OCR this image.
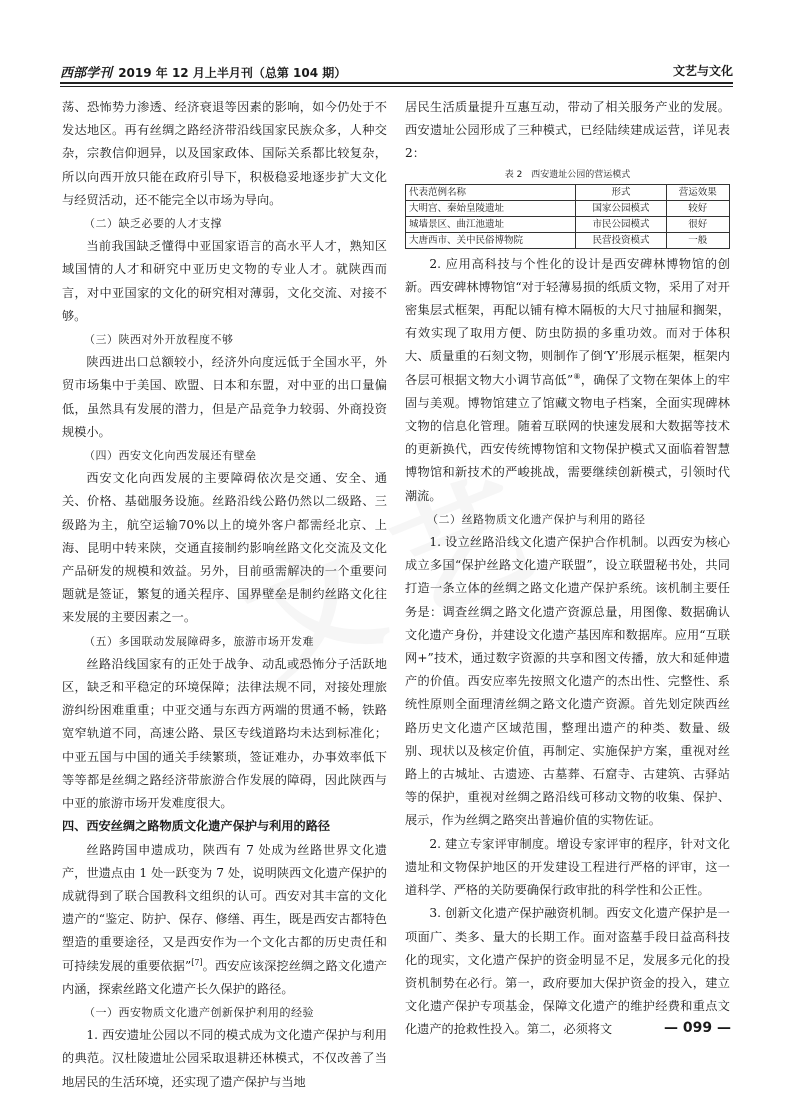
西部学刊 2019 年 12 月上半月刊（总第 104 期）	文艺与文化

荡、恐怖势力渗透、经济衰退等因素的影响，如今仍处于不发达地区。再有丝绸之路经济带沿线国家民族众多，人种交杂，宗教信仰迥异，以及国家政体、国际关系都比较复杂，所以向西开放只能在政府引导下，积极稳妥地逐步扩大文化与经贸活动，还不能完全以市场为导向。

（二）缺乏必要的人才支撑

当前我国缺乏懂得中亚国家语言的高水平人才，熟知区域国情的人才和研究中亚历史文物的专业人才。就陕西而言，对中亚国家的文化的研究相对薄弱，文化交流、对接不够。

（三）陕西对外开放程度不够

陕西进出口总额较小，经济外向度远低于全国水平，外贸市场集中于美国、欧盟、日本和东盟，对中亚的出口量偏低，虽然具有发展的潜力，但是产品竞争力较弱、外商投资规模小。

（四）西安文化向西发展还有壁垒

西安文化向西发展的主要障碍依次是交通、安全、通关、价格、基础服务设施。丝路沿线公路仍然以二级路、三级路为主，航空运输70%以上的境外客户都需经北京、上海、昆明中转来陕，交通直接制约影响丝路文化交流及文化产品研发的规模和效益。另外，目前亟需解决的一个重要问题就是签证，繁复的通关程序、国界壁垒是制约丝路文化往来发展的主要因素之一。

（五）多国联动发展障碍多，旅游市场开发难

丝路沿线国家有的正处于战争、动乱或恐怖分子活跃地区，缺乏和平稳定的环境保障；法律法规不同，对接处理旅游纠纷困难重重；中亚交通与东西方两端的贯通不畅，铁路宽窄轨道不同，高速公路、景区专线道路均未达到标准化；中亚五国与中国的通关手续繁琐，签证难办，办事效率低下等等都是丝绸之路经济带旅游合作发展的障碍，因此陕西与中亚的旅游市场开发难度很大。

四、西安丝绸之路物质文化遗产保护与利用的路径

丝路跨国申遗成功，陕西有 7 处成为丝路世界文化遗产，世遗点由 1 处一跃变为 7 处，说明陕西文化遗产保护的成就得到了联合国教科文组织的认可。西安对其丰富的文化遗产的“鉴定、防护、保存、修缮、再生，既是西安古都特色塑造的重要途径，又是西安作为一个文化古都的历史责任和可持续发展的重要依据”[7]。西安应该深挖丝绸之路文化遗产内涵，探索丝路文化遗产长久保护的路径。

（一）西安物质文化遗产创新保护利用的经验

1. 西安遗址公园以不同的模式成为文化遗产保护与利用的典范。汉杜陵遗址公园采取退耕还林模式，不仅改善了当地居民的生活环境，还实现了遗产保护与当地

居民生活质量提升互惠互动，带动了相关服务产业的发展。西安遗址公园形成了三种模式，已经陆续建成运营，详见表 2：

表 2　西安遗址公园的营运模式
代表范例名称	形式	营运效果
大明宫、秦始皇陵遗址	国家公园模式	较好
城墙景区、曲江池遗址	市民公园模式	很好
大唐西市、关中民俗博物院	民营投资模式	一般

2. 应用高科技与个性化的设计是西安碑林博物馆的创新。西安碑林博物馆“对于轻薄易损的纸质文物，采用了对开密集层式框架，再配以铺有樟木隔板的大尺寸抽屉和搁架，有效实现了取用方便、防虫防损的多重功效。而对于体积大、质量重的石刻文物，则制作了倒‘Y’形展示框架，框架内各层可根据文物大小调节高低”⑧，确保了文物在架体上的牢固与美观。博物馆建立了馆藏文物电子档案，全面实现碑林文物的信息化管理。随着互联网的快速发展和大数据等技术的更新换代，西安传统博物馆和文物保护模式又面临着智慧博物馆和新技术的严峻挑战，需要继续创新模式，引领时代潮流。

（二）丝路物质文化遗产保护与利用的路径

1. 设立丝路沿线文化遗产保护合作机制。以西安为核心成立多国“保护丝路文化遗产联盟”，设立联盟秘书处，共同打造一条立体的丝绸之路文化遗产保护系统。该机制主要任务是：调查丝绸之路文化遗产资源总量，用图像、数据确认文化遗产身份，并建设文化遗产基因库和数据库。应用“互联网+”技术，通过数字资源的共享和图文传播，放大和延伸遗产的价值。西安应率先按照文化遗产的杰出性、完整性、系统性原则全面理清丝绸之路文化遗产资源。首先划定陕西丝路历史文化遗产区域范围，整理出遗产的种类、数量、级别、现状以及核定价值，再制定、实施保护方案，重视对丝路上的古城址、古遗迹、古墓葬、石窟寺、古建筑、古驿站等的保护，重视对丝绸之路沿线可移动文物的收集、保护、展示，作为丝绸之路突出普遍价值的实物佐证。

2. 建立专家评审制度。增设专家评审的程序，针对文化遗址和文物保护地区的开发建设工程进行严格的评审，这一道科学、严格的关防要确保行政审批的科学性和公正性。

3. 创新文化遗产保护融资机制。西安文化遗产保护是一项面广、类多、量大的长期工作。面对盗墓手段日益高科技化的现实，文化遗产保护的资金明显不足，发展多元化的投资机制势在必行。第一，政府要加大保护资金的投入，建立文化遗产保护专项基金，保障文化遗产的维护经费和重点文化遗产的抢救性投入。第二，必须将文	— 099 —
